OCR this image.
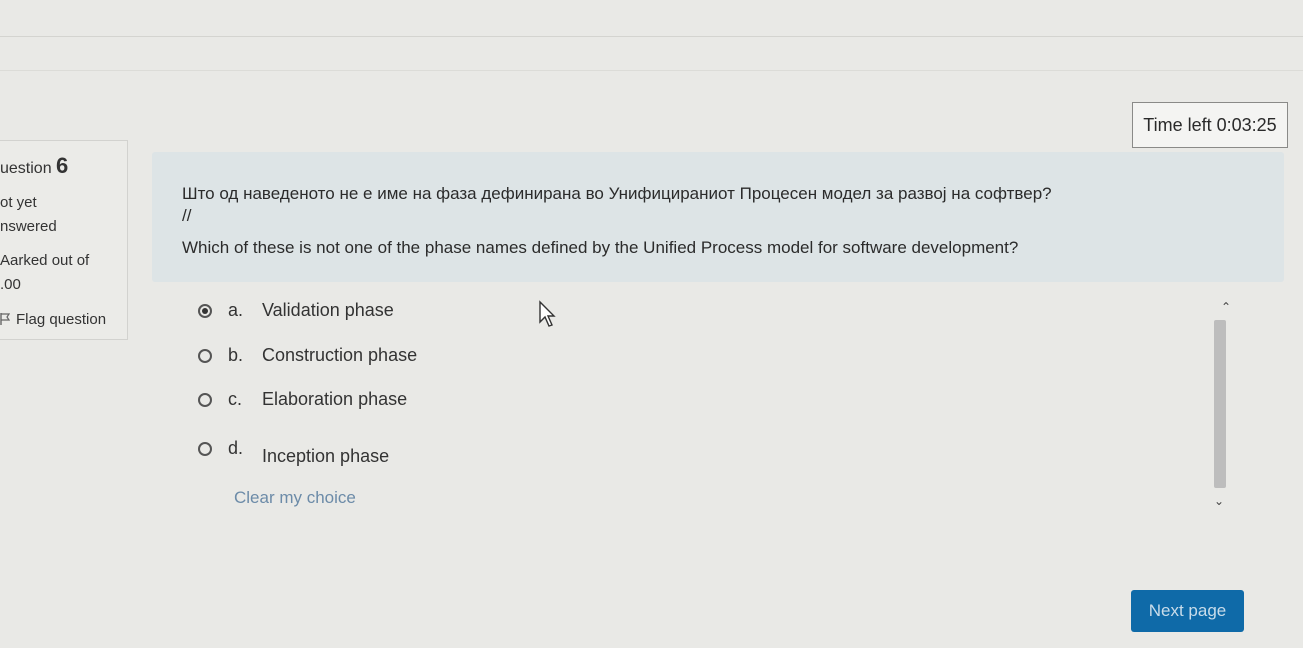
Time left 0:03:25
uestion 6
ot yet
nswered
Aarked out of
.00
Flag question
Што од наведеното не е име на фаза дефинирана во Унифицираниот Процесен модел за развој на софтвер?
//
Which of these is not one of the phase names defined by the Unified Process model for software development?
a.	Validation phase
b.	Construction phase
c.	Elaboration phase
d.	Inception phase
Clear my choice
⌃
⌄
Next page
